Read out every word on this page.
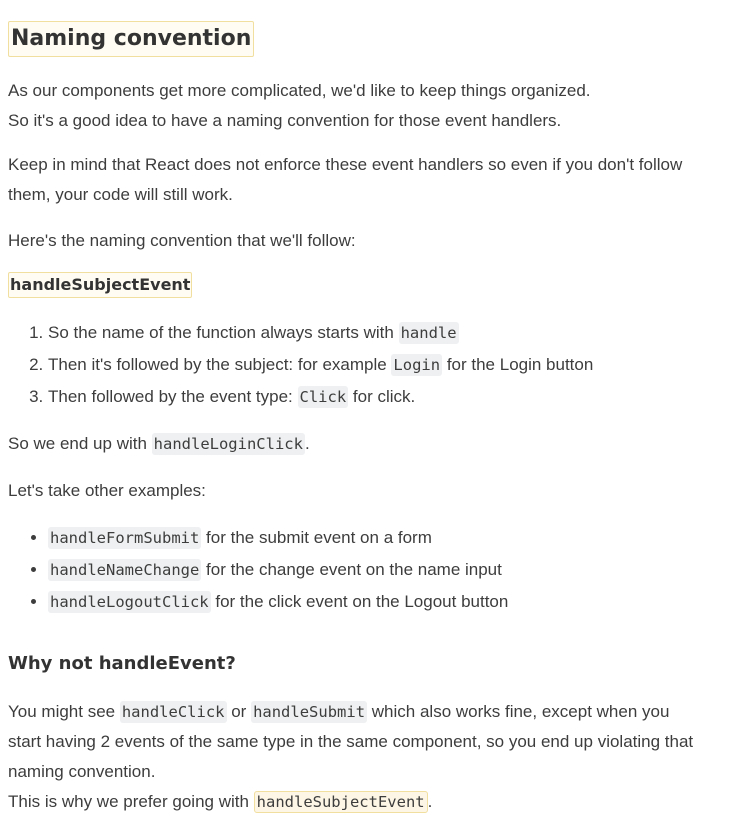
Naming convention

As our components get more complicated, we'd like to keep things organized.
So it's a good idea to have a naming convention for those event handlers.

Keep in mind that React does not enforce these event handlers so even if you don't follow them, your code will still work.

Here's the naming convention that we'll follow:

handleSubjectEvent
1. So the name of the function always starts with handle
2. Then it's followed by the subject: for example Login for the Login button
3. Then followed by the event type: Click for click.

So we end up with handleLoginClick .

Let's take other examples:

• handleFormSubmit for the submit event on a form
• handleNameChange for the change event on the name input
• handleLogoutClick for the click event on the Logout button
Why not handleEvent?

You might see handleClick or handleSubmit which also works fine, except when you start having 2 events of the same type in the same component, so you end up violating that naming convention.
This is why we prefer going with handleSubjectEvent .
